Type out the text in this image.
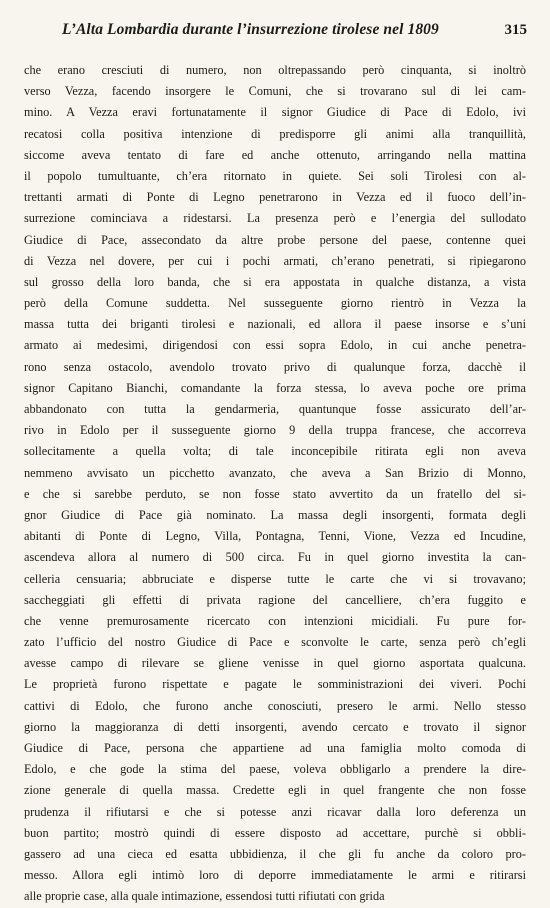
L’Alta Lombardia durante l’insurrezione tirolese nel 1809	315
che erano cresciuti di numero, non oltrepassando però cinquanta, si inoltrò
verso Vezza, facendo insorgere le Comuni, che si trovarano sul di lei cam-
mino. A Vezza eravi fortunatamente il signor Giudice di Pace di Edolo, ivi
recatosi colla positiva intenzione di predisporre gli animi alla tranquillità,
siccome aveva tentato di fare ed anche ottenuto, arringando nella mattina
il popolo tumultuante, ch’era ritornato in quiete. Sei soli Tirolesi con al-
trettanti armati di Ponte di Legno penetrarono in Vezza ed il fuoco dell’in-
surrezione cominciava a ridestarsi. La presenza però e l’energia del sullodato
Giudice di Pace, assecondato da altre probe persone del paese, contenne quei
di Vezza nel dovere, per cui i pochi armati, ch’erano penetrati, si ripiegarono
sul grosso della loro banda, che si era appostata in qualche distanza, a vista
però della Comune suddetta. Nel susseguente giorno rientrò in Vezza la
massa tutta dei briganti tirolesi e nazionali, ed allora il paese insorse e s’uni
armato ai medesimi, dirigendosi con essi sopra Edolo, in cui anche penetra-
rono senza ostacolo, avendolo trovato privo di qualunque forza, dacchè il
signor Capitano Bianchi, comandante la forza stessa, lo aveva poche ore prima
abbandonato con tutta la gendarmeria, quantunque fosse assicurato dell’ar-
rivo in Edolo per il susseguente giorno 9 della truppa francese, che accorreva
sollecitamente a quella volta; di tale inconcepibile ritirata egli non aveva
nemmeno avvisato un picchetto avanzato, che aveva a San Brizio di Monno,
e che si sarebbe perduto, se non fosse stato avvertito da un fratello del si-
gnor Giudice di Pace già nominato. La massa degli insorgenti, formata degli
abitanti di Ponte di Legno, Villa, Pontagna, Tenni, Vione, Vezza ed Incudine,
ascendeva allora al numero di 500 circa. Fu in quel giorno investita la can-
celleria censuaria; abbruciate e disperse tutte le carte che vi si trovavano;
saccheggiati gli effetti di privata ragione del cancelliere, ch’era fuggito e
che venne premurosamente ricercato con intenzioni micidiali. Fu pure for-
zato l’ufficio del nostro Giudice di Pace e sconvolte le carte, senza però ch’egli
avesse campo di rilevare se gliene venisse in quel giorno asportata qualcuna.
Le proprietà furono rispettate e pagate le somministrazioni dei viveri. Pochi
cattivi di Edolo, che furono anche conosciuti, presero le armi. Nello stesso
giorno la maggioranza di detti insorgenti, avendo cercato e trovato il signor
Giudice di Pace, persona che appartiene ad una famiglia molto comoda di
Edolo, e che gode la stima del paese, voleva obbligarlo a prendere la dire-
zione generale di quella massa. Credette egli in quel frangente che non fosse
prudenza il rifiutarsi e che si potesse anzi ricavar dalla loro deferenza un
buon partito; mostrò quindi di essere disposto ad accettare, purchè si obbli-
gassero ad una cieca ed esatta ubbidienza, il che gli fu anche da coloro pro-
messo. Allora egli intimò loro di deporre immediatamente le armi e ritirarsi
alle proprie case, alla quale intimazione, essendosi tutti rifiutati con grida
